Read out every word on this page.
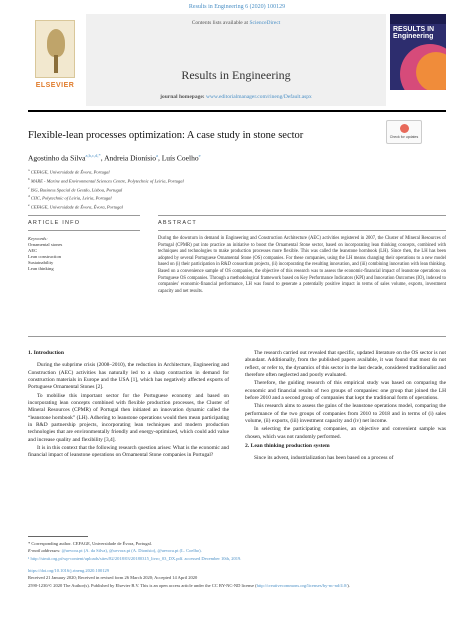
Results in Engineering 6 (2020) 100129
ELSEVIER
Contents lists available at ScienceDirect
Results in Engineering
journal homepage: www.editorialmanager.com/rineng/Default.aspx
RESULTS IN
Engineering
Flexible-lean processes optimization: A case study in stone sector	Check for updates
Agostinho da Silva$^{a,b,c,d,*}$, Andreia Dionísio$^a$, Luís Coelho$^e$
$^a$ CEFAGE, Universidade de Évora, Portugal
$^b$ MARE - Marine and Environmental Sciences Centre, Polytechnic of Leiria, Portugal
$^c$ ISG, Business Spacial de Gestão, Lisboa, Portugal
$^d$ CIIC, Polytechnic of Leiria, Leiria, Portugal
$^e$ CEFAGE, Universidade de Évora, Évora, Portugal
ARTICLE INFO	ABSTRACT
Keywords:
Ornamental stones
AEC
Lean construction
Sustainability
Lean thinking
During the downturn in demand in Engineering and Construction Architecture (AEC) activities registered in 2007, the Cluster of Mineral Resources of Portugal (CPMR) put into practice an initiative to boost the Ornamental Stone sector, based on incorporating lean thinking concepts, combined with techniques and technologies to make production processes more flexible. This was called the leanstone hornbook (LH). Since then, the LH has been adopted by several Portuguese Ornamental Stone (OS) companies. For these companies, using the LH means changing their operations to a new model based on (i) their participation in R&D consortium projects, (ii) incorporating the resulting innovation, and (iii) combining innovation with lean thinking. Based on a convenience sample of OS companies, the objective of this research was to assess the economic-financial impact of leanstone operations on Portuguese OS companies. Through a methodological framework based on Key Performance Indicators (KPI) and Innovation Outcomes (IO), indexed to companies' economic-financial performance, LH was found to generate a potentially positive impact in terms of sales volume, exports, investment capacity and net results.
1. Introduction

During the subprime crisis (2008–2010), the reduction in Architecture, Engineering and Construction (AEC) activities has naturally led to a sharp contraction in demand for construction materials in Europe and the USA [1], which has negatively affected exports of Portuguese Ornamental Stones [2].

To mobilise this important sector for the Portuguese economy and based on incorporating lean concepts combined with flexible production processes, the Cluster of Mineral Resources (CPMR) of Portugal then initiated an innovation dynamic called the “leanstone hornbook” (LH). Adhering to leanstone operations would then mean participating in R&D partnership projects, incorporating lean techniques and modern production technologies that are environmentally friendly and energy-optimized, which could add value and increase quality and flexibility [3,4].

It is in this context that the following research question arises: What is the economic and financial impact of leanstone operations on Ornamental Stone companies in Portugal?

The research carried out revealed that specific, updated literature on the OS sector is not abundant. Additionally, from the published papers available, it was found that most do not reflect, or refer to, the dynamics of this sector in the last decade, considered traditionalist and therefore often neglected and poorly evaluated.

Therefore, the guiding research of this empirical study was based on comparing the economic and financial results of two groups of companies: one group that joined the LH before 2010 and a second group of companies that kept the traditional form of operations.

This research aims to assess the gains of the leanstone operations model, comparing the performance of the two groups of companies from 2010 to 2018 and in terms of (i) sales volume, (ii) exports, (iii) investment capacity and (iv) net income.

In selecting the participating companies, an objective and convenient sample was chosen, which was not randomly performed.

2. Lean thinking production system

Since its advent, industrialization has been based on a process of

* Corresponding author. CEFAGE, Universidade de Évora, Portugal.
E-mail addresses: @uevora.pt (A. da Silva), @uevora.pt (A. Dionísio), @uevora.pt (L. Coelho).
¹ http://simit.org.pt/wp-content/uploads/sites/82/2018/03/20180315_livro_03_DX.pdf. accessed December 10th, 2019.
https://doi.org/10.1016/j.rineng.2020.100129
Received 21 January 2020; Received in revised form 26 March 2020; Accepted 14 April 2020
2590-1230/© 2020 The Author(s). Published by Elsevier B.V. This is an open access article under the CC BY-NC-ND license (http://creativecommons.org/licenses/by-nc-nd/4.0/).
